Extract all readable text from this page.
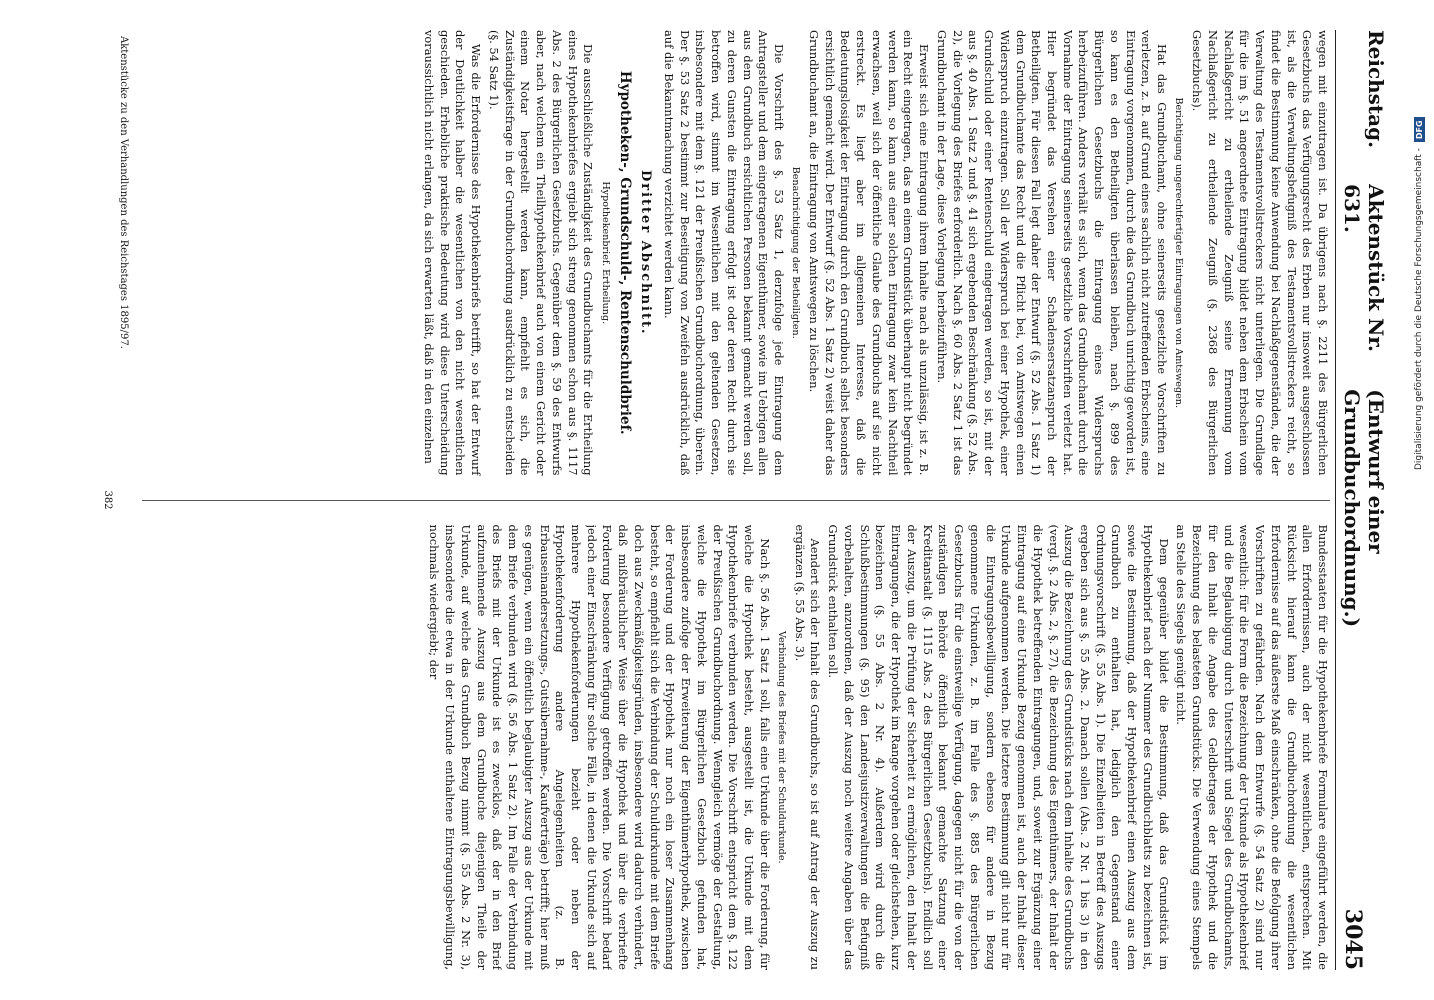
Reichstag.
Aktenstück Nr. 631.
(Entwurf einer Grundbuchordnung.)
3045

wegen mit einzutragen ist. Da übrigens nach §. 2211 des Bürgerlichen Gesetzbuchs das Verfügungsrecht des Erben nur insoweit ausgeschlossen ist, als die Verwaltungsbefugniß des Testamentsvollstreckers reicht, so findet die Bestimmung keine Anwendung bei Nachlaßgegenständen, die der Verwaltung des Testamentsvollstreckers nicht unterliegen. Die Grundlage für die im §. 51 angeordnete Eintragung bildet neben dem Erbschein vom Nachlaßgericht zu ertheilende Zeugniß seine Ernennung vom Nachlaßgericht zu ertheilende Zeugniß (§. 2368 des Bürgerlichen Gesetzbuchs).

Berichtigung ungerechtfertigter Eintragungen von Amtswegen.

Hat das Grundbuchamt, ohne seinerseits gesetzliche Vorschriften zu verletzen, z. B. auf Grund eines sachlich nicht zutreffenden Erbscheins, eine Eintragung vorgenommen, durch die das Grundbuch unrichtig geworden ist, so kann es den Betheiligten überlassen bleiben, nach §. 899 des Bürgerlichen Gesetzbuchs die Eintragung eines Widerspruchs herbeizuführen. Anders verhält es sich, wenn das Grundbuchamt durch die Vornahme der Eintragung seinerseits gesetzliche Vorschriften verletzt hat. Hier begründet das Versehen einer Schadensersatzanspruch der Betheiligten. Für diesen Fall legt daher der Entwurf (§. 52 Abs. 1 Satz 1) dem Grundbuchamte das Recht und die Pflicht bei, von Amtswegen einen Widerspruch einzutragen. Soll der Widerspruch bei einer Hypothek, einer Grundschuld oder einer Rentenschuld eingetragen werden, so ist, mit der aus §. 40 Abs. 1 Satz 2 und §. 41 sich ergebenden Beschränkung (§. 52 Abs. 2), die Vorlegung des Briefes erforderlich. Nach §. 60 Abs. 2 Satz 1 ist das Grundbuchamt in der Lage, diese Vorlegung herbeizuführen.

Erweist sich eine Eintragung ihrem Inhalte nach als unzulässig, ist z. B. ein Recht eingetragen, das an einem Grundstück überhaupt nicht begründet werden kann, so kann aus einer solchen Eintragung zwar kein Nachtheil erwachsen, weil sich der öffentliche Glaube des Grundbuchs auf sie nicht erstreckt. Es liegt aber im allgemeinen Interesse, daß die Bedeutungslosigkeit der Eintragung durch den Grundbuch selbst besonders ersichtlich gemacht wird. Der Entwurf (§. 52 Abs. 1 Satz 2) weist daher das Grundbuchamt an, die Eintragung von Amtswegen zu löschen.

Benachrichtigung der Betheiligten.

Die Vorschrift des §. 53 Satz 1, derzufolge jede Eintragung dem Antragsteller und dem eingetragenen Eigenthümer, sowie im Uebrigen allen aus dem Grundbuch ersichtlichen Personen bekannt gemacht werden soll, zu deren Gunsten die Eintragung erfolgt ist oder deren Recht durch sie betroffen wird, stimmt im Wesentlichen mit den geltenden Gesetzen, insbesondere mit dem §. 121 der Preußischen Grundbuchordnung, überein. Der §. 53 Satz 2 bestimmt zur Beseitigung von Zweifeln ausdrücklich, daß auf die Bekanntmachung verzichtet werden kann.

Dritter Abschnitt.
Hypotheken-, Grundschuld-, Rentenschuldbrief.
Hypothekenbrief. Ertheilung.

Die ausschließliche Zuständigkeit des Grundbuchamts für die Ertheilung eines Hypothekenbriefes ergiebt sich streng genommen schon aus §. 1117 Abs. 2 des Bürgerlichen Gesetzbuchs. Gegenüber dem §. 59 des Entwurfs aber, nach welchem ein Theilhypothekenbrief auch von einem Gericht oder einem Notar hergestellt werden kann, empfiehlt es sich, die Zuständigkeitsfrage in der Grundbuchordnung ausdrücklich zu entscheiden (§. 54 Satz 1).

Was die Erfordernisse des Hypothekenbriefs betrifft, so hat der Entwurf der Deutlichkeit halber die wesentlichen von den nicht wesentlichen geschieden. Erhebliche praktische Bedeutung wird diese Unterscheidung voraussichtlich nicht erlangen, da sich erwarten läßt, daß in den einzelnen

Bundesstaaten für die Hypothekenbriefe Formulare eingeführt werden, die allen Erfordernissen, auch der nicht wesentlichen, entsprechen. Mit Rücksicht hierauf kann die Grundbuchordnung die wesentlichen Erfordernisse auf das äußerste Maß einschränken, ohne die Befolgung ihrer Vorschriften zu gefährden. Nach dem Entwurfe (§. 54 Satz 2) sind nur wesentlich: für die Form die Bezeichnung der Urkunde als Hypothekenbrief und die Beglaubigung durch Unterschrift und Siegel des Grundbuchamts, für den Inhalt die Angabe des Geldbetrages der Hypothek und die Bezeichnung des belasteten Grundstücks. Die Verwendung eines Stempels an Stelle des Siegels genügt nicht.

Dem gegenüber bildet die Bestimmung, daß das Grundstück im Hypothekenbrief nach der Nummer des Grundbuchblatts zu bezeichnen ist, sowie die Bestimmung, daß der Hypothekenbrief einen Auszug aus dem Grundbuch zu enthalten hat, lediglich den Gegenstand einer Ordnungsvorschrift (§. 55 Abs. 1). Die Einzelheiten in Betreff des Auszugs ergeben sich aus §. 55 Abs. 2. Danach sollen (Abs. 2 Nr. 1 bis 3) in den Auszug die Bezeichnung des Grundstücks nach dem Inhalte des Grundbuchs (vergl. §. 2 Abs. 2, §. 27), die Bezeichnung des Eigenthümers, der Inhalt der die Hypothek betreffenden Eintragungen, und, soweit zur Ergänzung einer Eintragung auf eine Urkunde Bezug genommen ist, auch der Inhalt dieser Urkunde aufgenommen werden. Die letztere Bestimmung gilt nicht nur für die Eintragungsbewilligung, sondern ebenso für andere in Bezug genommene Urkunden, z. B. im Falle des §. 885 des Bürgerlichen Gesetzbuchs für die einstweilige Verfügung, dagegen nicht für die von der zuständigen Behörde öffentlich bekannt gemachte Satzung einer Kreditanstalt (§. 1115 Abs. 2 des Bürgerlichen Gesetzbuchs). Endlich soll der Auszug, um die Prüfung der Sicherheit zu ermöglichen, den Inhalt der Eintragungen, die der Hypothek im Range vorgehen oder gleichstehen, kurz bezeichnen (§. 55 Abs. 2 Nr. 4). Außerdem wird durch die Schlußbestimmungen (§. 95) den Landesjustizverwaltungen die Befugniß vorbehalten, anzuordnen, daß der Auszug noch weitere Angaben über das Grundstück enthalten soll.

Aendert sich der Inhalt des Grundbuchs, so ist auf Antrag der Auszug zu ergänzen (§. 55 Abs. 3).

Verbindung des Briefes mit der Schuldurkunde.

Nach §. 56 Abs. 1 Satz 1 soll, falls eine Urkunde über die Forderung, für welche die Hypothek besteht, ausgestellt ist, die Urkunde mit dem Hypothekenbriefe verbunden werden. Die Vorschrift entspricht dem §. 122 der Preußischen Grundbuchordnung. Wenngleich vermöge der Gestaltung, welche die Hypothek im Bürgerlichen Gesetzbuch gefunden hat, insbesondere zufolge der Erweiterung der Eigenthümerhypothek, zwischen der Forderung und der Hypothek nur noch ein loser Zusammenhang besteht, so empfiehlt sich die Verbindung der Schuldurkunde mit dem Briefe doch aus Zweckmäßigkeitsgründen, insbesondere wird dadurch verhindert, daß mißbräuchlicher Weise über die Hypothek und über die verbriefte Forderung besondere Verfügung getroffen werden. Die Vorschrift bedarf jedoch einer Einschränkung für solche Fälle, in denen die Urkunde sich auf mehrere Hypothekenforderungen bezieht oder neben der Hypothekenforderung andere Angelegenheiten (z. B. Erbauseinandersetzungs-, Gutsübernahme-, Kaufverträge) betrifft; hier muß es genügen, wenn ein öffentlich beglaubigter Auszug aus der Urkunde mit dem Briefe verbunden wird (§. 56 Abs. 1 Satz 2). Im Falle der Verbindung des Briefs mit der Urkunde ist es zwecklos, daß der in den Brief aufzunehmende Auszug aus dem Grundbuche diejenigen Theile der Urkunde, auf welche das Grundbuch Bezug nimmt (§. 55 Abs. 2 Nr. 3), insbesondere die etwa in der Urkunde enthaltene Eintragungsbewilligung, nochmals wiedergiebt; der

Aktenstücke zu den Verhandlungen des Reichstages 1895/97.
382
Digitalisierung gefördert durch die Deutsche Forschungsgemeinschaft -
DFG
